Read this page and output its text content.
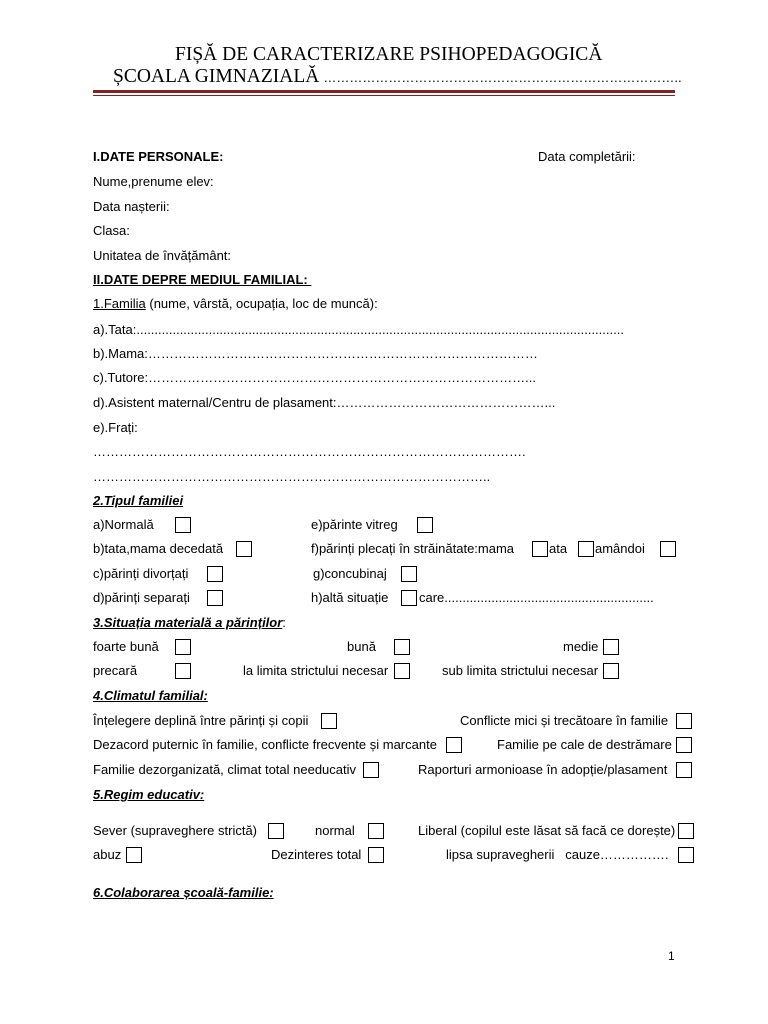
FIȘĂ DE CARACTERIZARE PSIHOPEDAGOGICĂ
ȘCOALA GIMNAZIALĂ ………………………………………………………………………..
I.DATE PERSONALE:	Data completării:
Nume,prenume elev:
Data nașterii:
Clasa:
Unitatea de învățământ:
II.DATE DEPRE MEDIUL FAMILIAL:
1.Familia (nume, vârstă, ocupația, loc de muncă):
a).Tata:.......................................................................................................................................
b).Mama:………………………………………………………………………………
c).Tutore:……………………………………………………………………………...
d).Asistent maternal/Centru de plasament:…………………………………………...
e).Frați:
……………………………………………………………………………………….
………………………………………………………………………………..
2.Tipul familiei
a)Normală	e)părinte vitreg
b)tata,mama decedată	f)părinți plecați în străinătate:mama	ata amândoi
c)părinți divorțați	g)concubinaj
d)părinți separați	h)altă situație care..........................................................
3.Situația materială a părinților:
foarte bună	bună	medie
precară	la limita strictului necesar	sub limita strictului necesar
4.Climatul familial:
Înțelegere deplină între părinți și copii	Conflicte mici și trecătoare în familie
Dezacord puternic în familie, conflicte frecvente și marcante	Familie pe cale de destrămare
Familie dezorganizată, climat total needucativ	Raporturi armonioase în adopție/plasament
5.Regim educativ:
Sever (supraveghere strictă)	normal	Liberal (copilul este lăsat să facă ce dorește)
abuz	Dezinteres total	lipsa supravegherii   cauze…………….
6.Colaborarea școală-familie:
1
